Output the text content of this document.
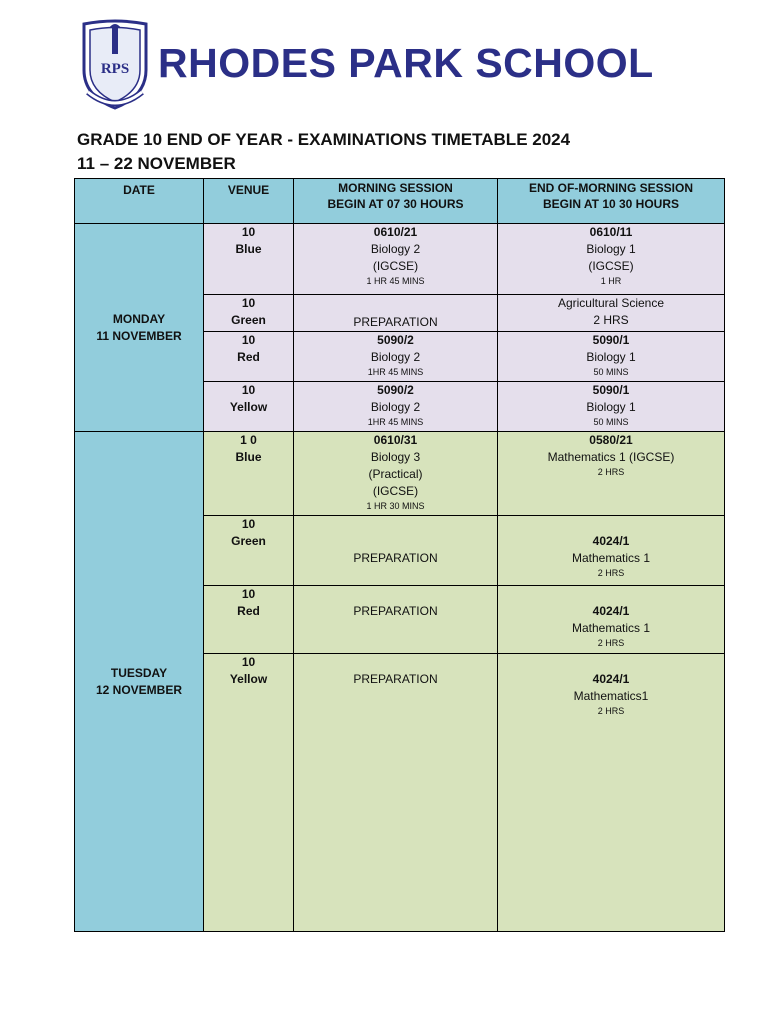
RPS RHODES PARK SCHOOL
GRADE 10 END OF YEAR - EXAMINATIONS TIMETABLE 2024
11 – 22 NOVEMBER
DATE	VENUE	MORNING SESSION
BEGIN AT 07 30 HOURS	END OF-MORNING SESSION
BEGIN AT 10 30 HOURS

MONDAY
11 NOVEMBER	10
Blue	0610/21
Biology 2
(IGCSE)
1 HR 45 MINS	0610/11
Biology 1
(IGCSE)
1 HR

	10
Green	PREPARATION	Agricultural Science
2 HRS

	10
Red	5090/2
Biology 2
1HR 45 MINS	5090/1
Biology 1
50 MINS

	10
Yellow	5090/2
Biology 2
1HR 45 MINS	5090/1
Biology 1
50 MINS

TUESDAY
12 NOVEMBER	1 0
Blue	0610/31
Biology 3
(Practical)
(IGCSE)
1 HR 30 MINS	0580/21
Mathematics 1 (IGCSE)
2 HRS

	10
Green	PREPARATION	4024/1
Mathematics 1
2 HRS

	10
Red	PREPARATION	4024/1
Mathematics 1
2 HRS

	10
Yellow	PREPARATION	4024/1
Mathematics1
2 HRS
